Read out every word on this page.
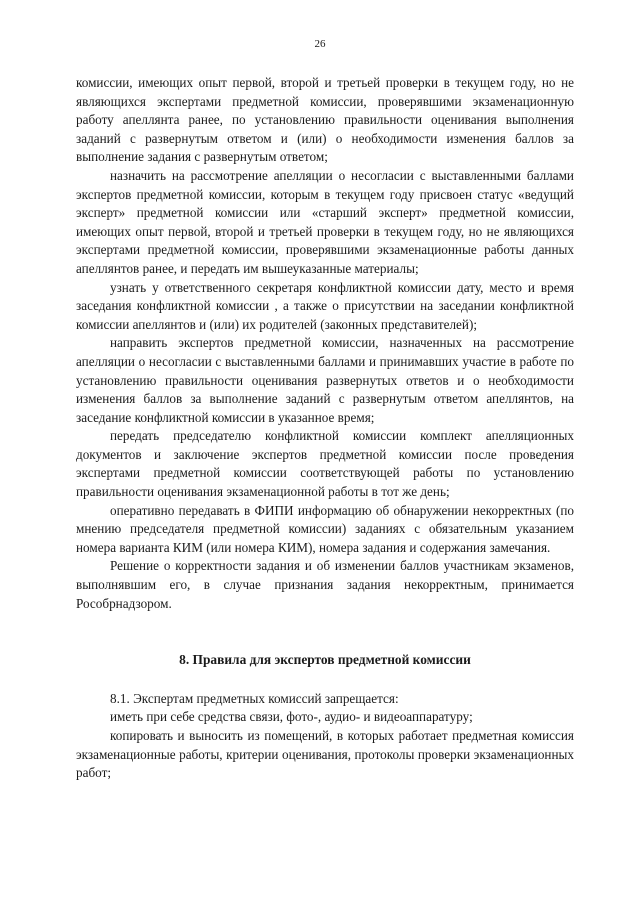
26

комиссии, имеющих опыт первой, второй и третьей проверки в текущем году, но не являющихся экспертами предметной комиссии, проверявшими экзаменационную работу апеллянта ранее, по установлению правильности оценивания выполнения заданий с развернутым ответом и (или) о необходимости изменения баллов за выполнение задания с развернутым ответом;

назначить на рассмотрение апелляции о несогласии с выставленными баллами экспертов предметной комиссии, которым в текущем году присвоен статус «ведущий эксперт» предметной комиссии или «старший эксперт» предметной комиссии, имеющих опыт первой, второй и третьей проверки в текущем году, но не являющихся экспертами предметной комиссии, проверявшими экзаменационные работы данных апеллянтов ранее, и передать им вышеуказанные материалы;

узнать у ответственного секретаря конфликтной комиссии дату, место и время заседания конфликтной комиссии , а также о присутствии на заседании конфликтной комиссии апеллянтов и (или) их родителей (законных представителей);

направить экспертов предметной комиссии, назначенных на рассмотрение апелляции о несогласии с выставленными баллами и принимавших участие в работе по установлению правильности оценивания развернутых ответов и о необходимости изменения баллов за выполнение заданий с развернутым ответом апеллянтов, на заседание конфликтной комиссии в указанное время;

передать председателю конфликтной комиссии комплект апелляционных документов и заключение экспертов предметной комиссии после проведения экспертами предметной комиссии соответствующей работы по установлению правильности оценивания экзаменационной работы в тот же день;

оперативно передавать в ФИПИ информацию об обнаружении некорректных (по мнению председателя предметной комиссии) заданиях с обязательным указанием номера варианта КИМ (или номера КИМ), номера задания и содержания замечания.

Решение о корректности задания и об изменении баллов участникам экзаменов, выполнявшим его, в случае признания задания некорректным, принимается Рособрнадзором.

8. Правила для экспертов предметной комиссии

8.1. Экспертам предметных комиссий запрещается:

иметь при себе средства связи, фото-, аудио- и видеоаппаратуру;

копировать и выносить из помещений, в которых работает предметная комиссия экзаменационные работы, критерии оценивания, протоколы проверки экзаменационных работ;
